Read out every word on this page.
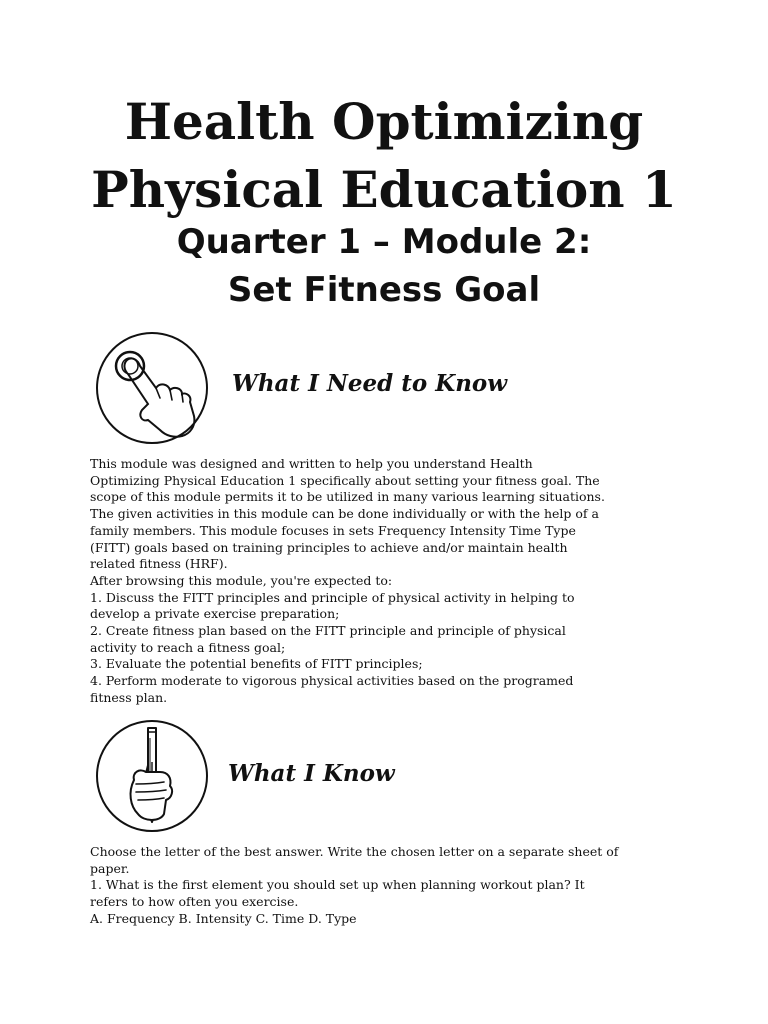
Health Optimizing
Physical Education 1
Quarter 1 – Module 2:
Set Fitness Goal
What I Need to Know
This module was designed and written to help you understand Health
Optimizing Physical Education 1 specifically about setting your fitness goal. The
scope of this module permits it to be utilized in many various learning situations.
The given activities in this module can be done individually or with the help of a
family members. This module focuses in sets Frequency Intensity Time Type
(FITT) goals based on training principles to achieve and/or maintain health
related fitness (HRF).
After browsing this module, you're expected to:
1. Discuss the FITT principles and principle of physical activity in helping to
develop a private exercise preparation;
2. Create fitness plan based on the FITT principle and principle of physical
activity to reach a fitness goal;
3. Evaluate the potential benefits of FITT principles;
4. Perform moderate to vigorous physical activities based on the programed
fitness plan.
What I Know
Choose the letter of the best answer. Write the chosen letter on a separate sheet of
paper.
1. What is the first element you should set up when planning workout plan? It
refers to how often you exercise.
A. Frequency B. Intensity C. Time D. Type
